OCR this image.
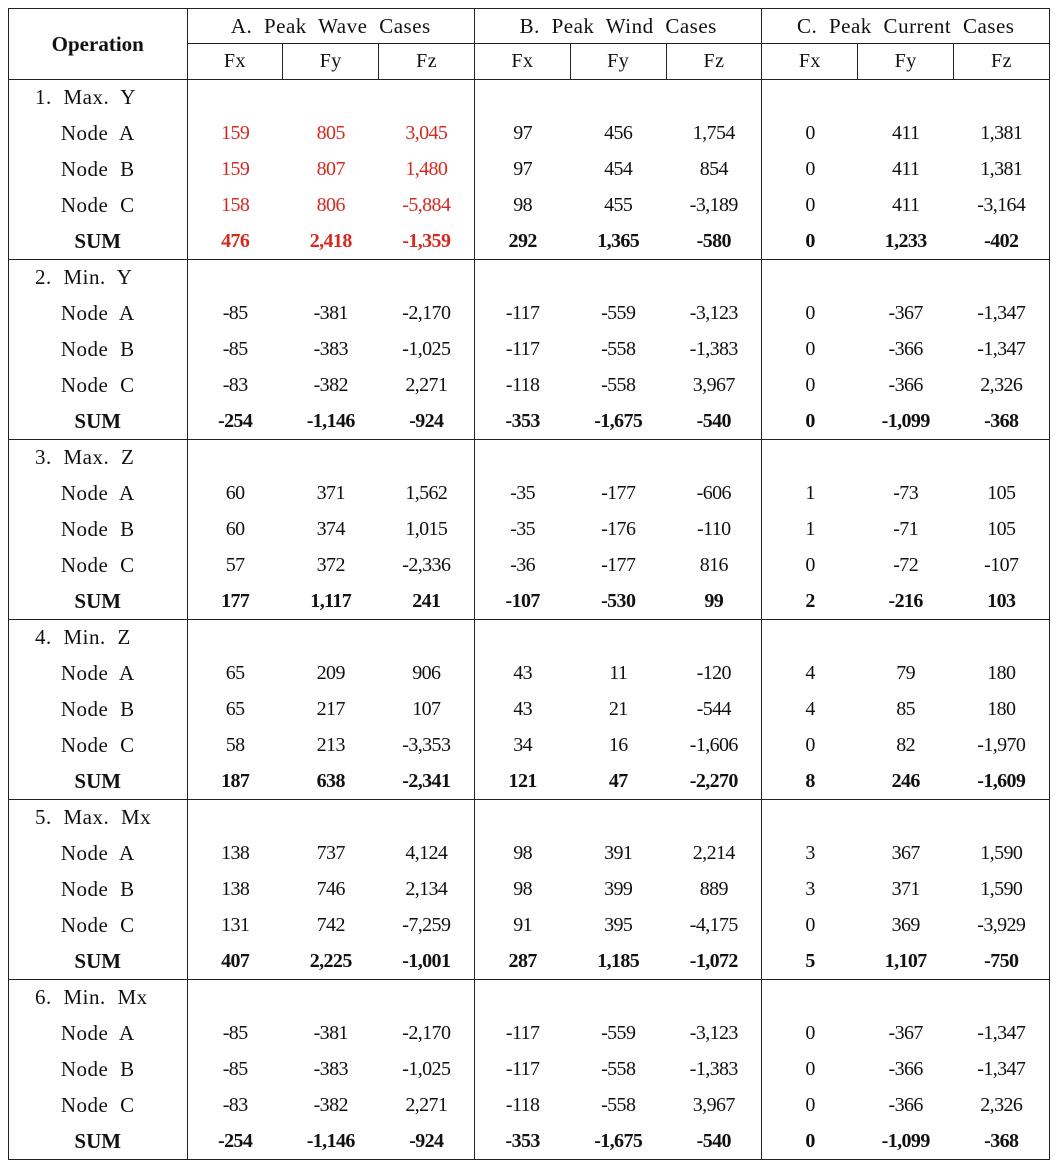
Operation	A. Peak Wave Cases			B. Peak Wind Cases			C. Peak Current Cases		
	Fx	Fy	Fz	Fx	Fy	Fz	Fx	Fy	Fz
1. Max. Y									
Node A	159	805	3,045	97	456	1,754	0	411	1,381
Node B	159	807	1,480	97	454	854	0	411	1,381
Node C	158	806	-5,884	98	455	-3,189	0	411	-3,164
SUM	476	2,418	-1,359	292	1,365	-580	0	1,233	-402
2. Min. Y									
Node A	-85	-381	-2,170	-117	-559	-3,123	0	-367	-1,347
Node B	-85	-383	-1,025	-117	-558	-1,383	0	-366	-1,347
Node C	-83	-382	2,271	-118	-558	3,967	0	-366	2,326
SUM	-254	-1,146	-924	-353	-1,675	-540	0	-1,099	-368
3. Max. Z									
Node A	60	371	1,562	-35	-177	-606	1	-73	105
Node B	60	374	1,015	-35	-176	-110	1	-71	105
Node C	57	372	-2,336	-36	-177	816	0	-72	-107
SUM	177	1,117	241	-107	-530	99	2	-216	103
4. Min. Z									
Node A	65	209	906	43	11	-120	4	79	180
Node B	65	217	107	43	21	-544	4	85	180
Node C	58	213	-3,353	34	16	-1,606	0	82	-1,970
SUM	187	638	-2,341	121	47	-2,270	8	246	-1,609
5. Max. Mx									
Node A	138	737	4,124	98	391	2,214	3	367	1,590
Node B	138	746	2,134	98	399	889	3	371	1,590
Node C	131	742	-7,259	91	395	-4,175	0	369	-3,929
SUM	407	2,225	-1,001	287	1,185	-1,072	5	1,107	-750
6. Min. Mx									
Node A	-85	-381	-2,170	-117	-559	-3,123	0	-367	-1,347
Node B	-85	-383	-1,025	-117	-558	-1,383	0	-366	-1,347
Node C	-83	-382	2,271	-118	-558	3,967	0	-366	2,326
SUM	-254	-1,146	-924	-353	-1,675	-540	0	-1,099	-368
